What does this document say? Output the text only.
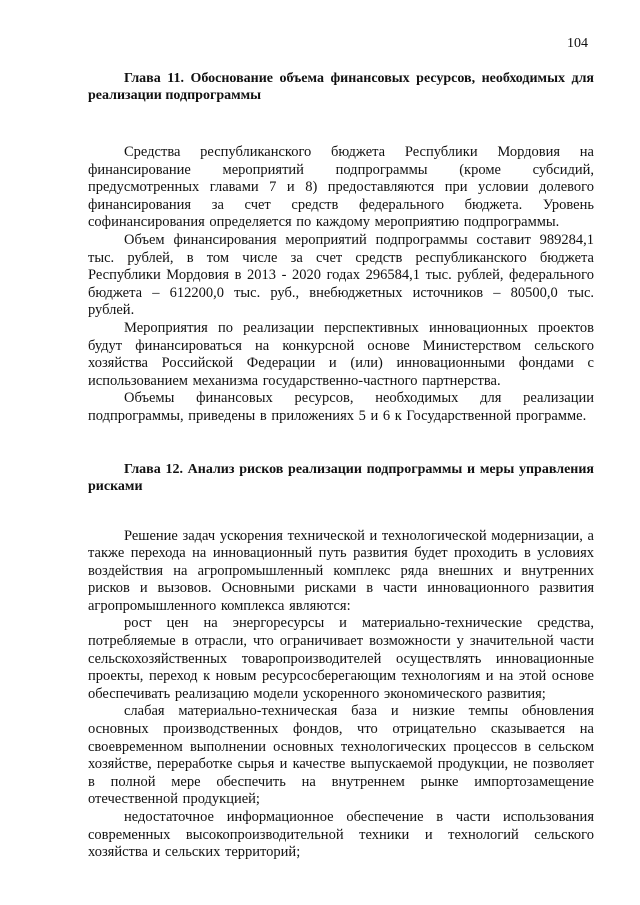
104
Глава 11. Обоснование объема финансовых ресурсов, необходимых для реализации подпрограммы

Средства республиканского бюджета Республики Мордовия на финансирование мероприятий подпрограммы (кроме субсидий, предусмотренных главами 7 и 8) предоставляются при условии долевого финансирования за счет средств федерального бюджета. Уровень софинансирования определяется по каждому мероприятию подпрограммы.

Объем финансирования мероприятий подпрограммы составит 989284,1 тыс. рублей, в том числе за счет средств республиканского бюджета Республики Мордовия в 2013 - 2020 годах 296584,1 тыс. рублей, федерального бюджета – 612200,0 тыс. руб., внебюджетных источников – 80500,0 тыс. рублей.

Мероприятия по реализации перспективных инновационных проектов будут финансироваться на конкурсной основе Министерством сельского хозяйства Российской Федерации и (или) инновационными фондами с использованием механизма государственно-частного партнерства.

Объемы финансовых ресурсов, необходимых для реализации подпрограммы, приведены в приложениях 5 и 6 к Государственной программе.

Глава 12. Анализ рисков реализации подпрограммы и меры управления рисками

Решение задач ускорения технической и технологической модернизации, а также перехода на инновационный путь развития будет проходить в условиях воздействия на агропромышленный комплекс ряда внешних и внутренних рисков и вызовов. Основными рисками в части инновационного развития агропромышленного комплекса являются:

рост цен на энергоресурсы и материально-технические средства, потребляемые в отрасли, что ограничивает возможности у значительной части сельскохозяйственных товаропроизводителей осуществлять инновационные проекты, переход к новым ресурсосберегающим технологиям и на этой основе обеспечивать реализацию модели ускоренного экономического развития;

слабая материально-техническая база и низкие темпы обновления основных производственных фондов, что отрицательно сказывается на своевременном выполнении основных технологических процессов в сельском хозяйстве, переработке сырья и качестве выпускаемой продукции, не позволяет в полной мере обеспечить на внутреннем рынке импортозамещение отечественной продукцией;

недостаточное информационное обеспечение в части использования современных высокопроизводительной техники и технологий сельского хозяйства и сельских территорий;
